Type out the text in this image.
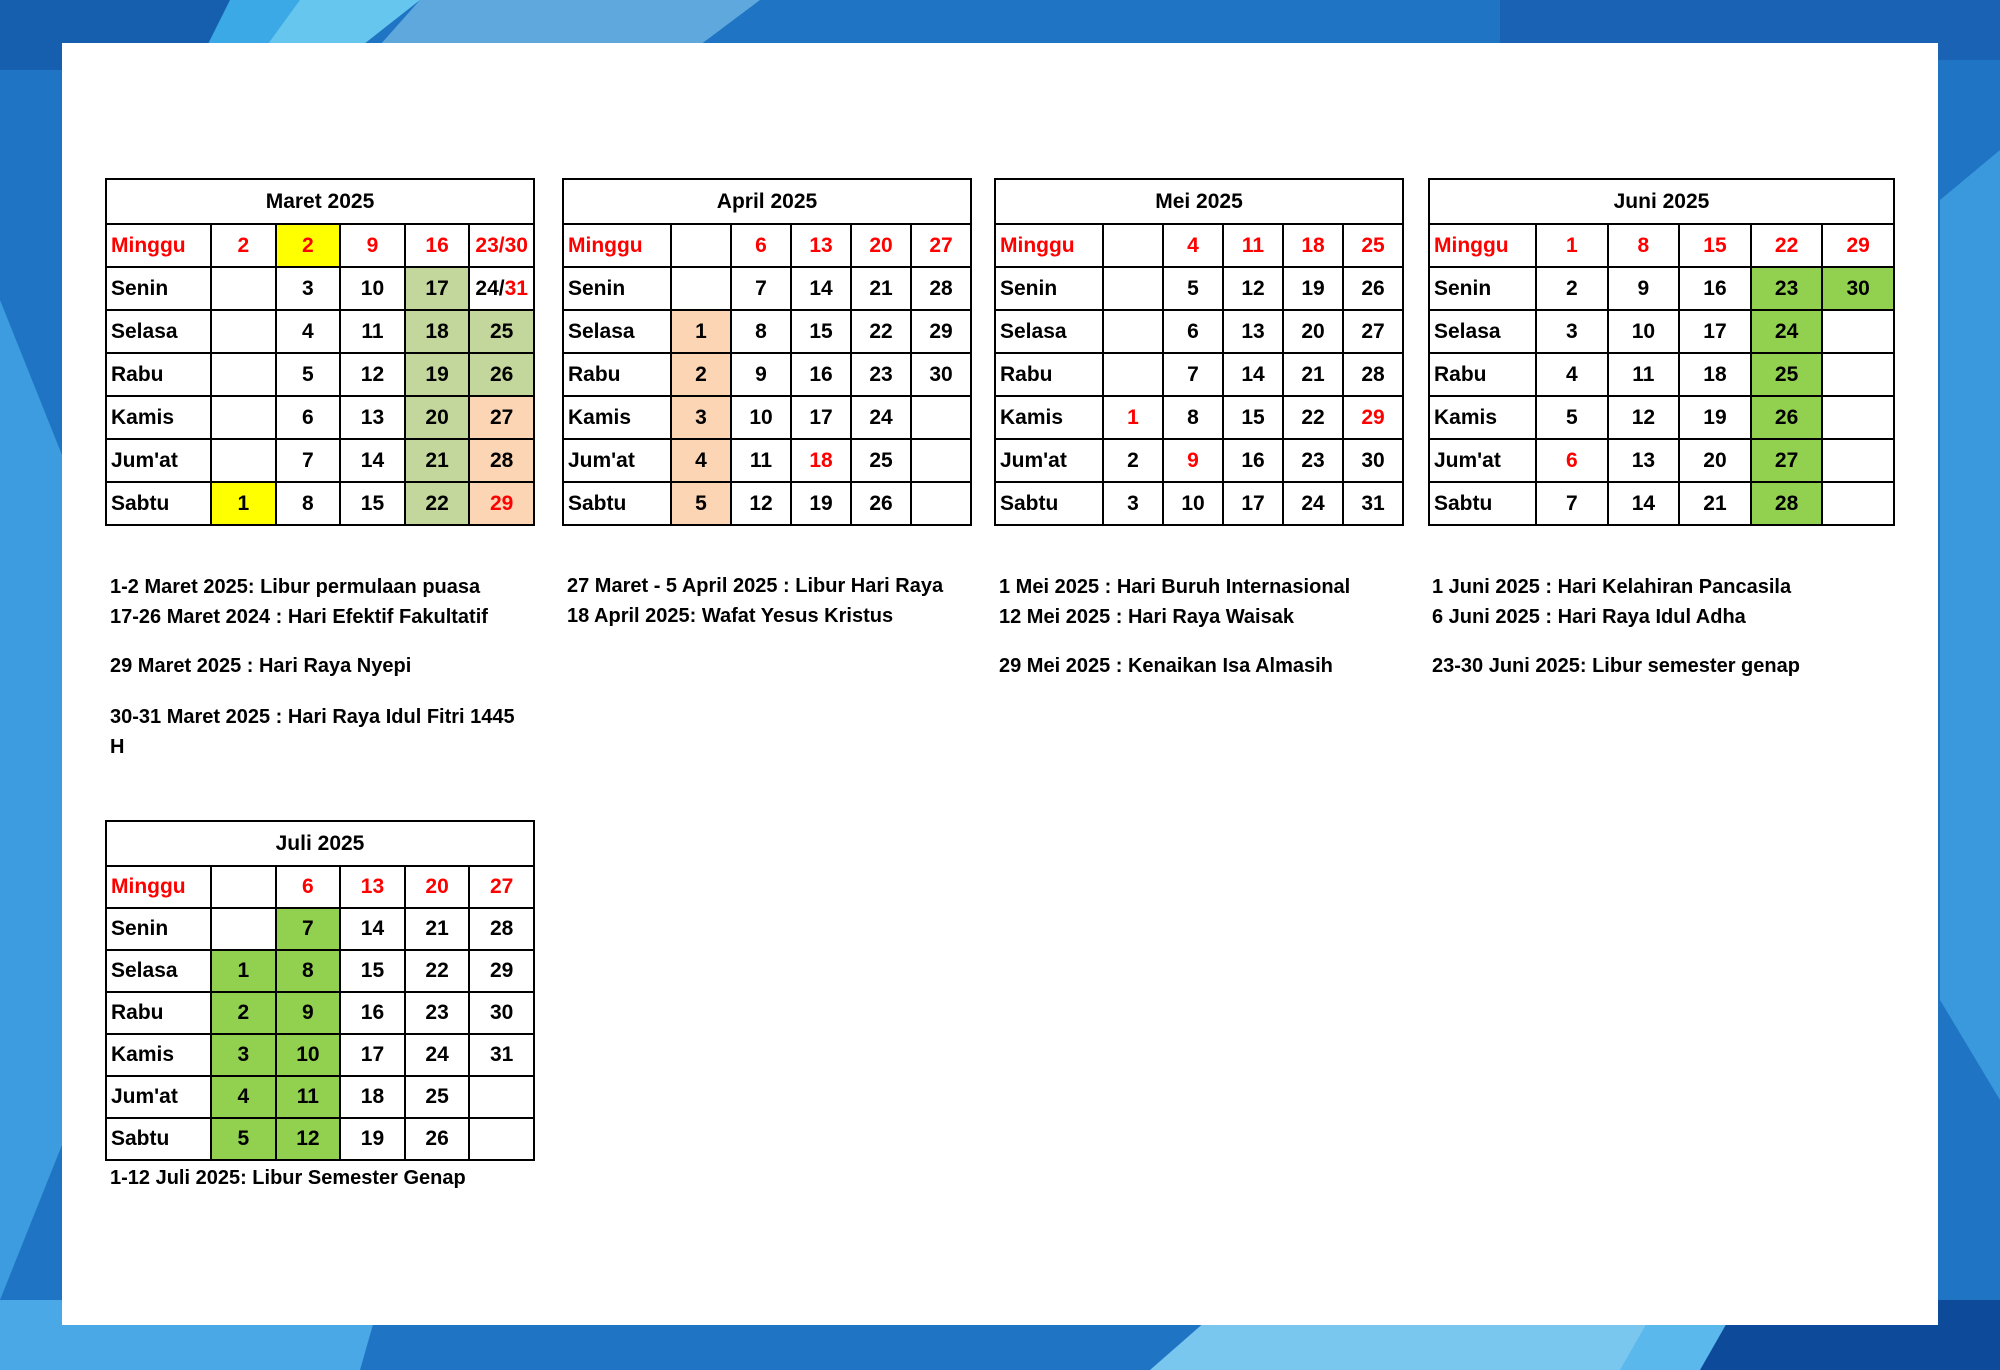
Maret 2025					
Minggu	2	2	9	16	23/30
Senin		3	10	17	24/31
Selasa		4	11	18	25
Rabu		5	12	19	26
Kamis		6	13	20	27
Jum'at		7	14	21	28
Sabtu	1	8	15	22	29
April 2025					
Minggu		6	13	20	27
Senin		7	14	21	28
Selasa	1	8	15	22	29
Rabu	2	9	16	23	30
Kamis	3	10	17	24	
Jum'at	4	11	18	25	
Sabtu	5	12	19	26	
Mei 2025					
Minggu		4	11	18	25
Senin		5	12	19	26
Selasa		6	13	20	27
Rabu		7	14	21	28
Kamis	1	8	15	22	29
Jum'at	2	9	16	23	30
Sabtu	3	10	17	24	31
Juni 2025					
Minggu	1	8	15	22	29
Senin	2	9	16	23	30
Selasa	3	10	17	24	
Rabu	4	11	18	25	
Kamis	5	12	19	26	
Jum'at	6	13	20	27	
Sabtu	7	14	21	28	
Juli 2025					
Minggu		6	13	20	27
Senin		7	14	21	28
Selasa	1	8	15	22	29
Rabu	2	9	16	23	30
Kamis	3	10	17	24	31
Jum'at	4	11	18	25	
Sabtu	5	12	19	26	
1-2 Maret 2025: Libur permulaan puasa
17-26 Maret 2024 : Hari Efektif Fakultatif
29 Maret 2025 : Hari Raya Nyepi
30-31 Maret 2025 : Hari Raya Idul Fitri 1445
H
27 Maret - 5 April 2025 : Libur Hari Raya
18 April 2025: Wafat Yesus Kristus
1 Mei 2025 : Hari Buruh Internasional
12 Mei 2025 : Hari Raya Waisak
29 Mei 2025 : Kenaikan Isa Almasih
1 Juni 2025 : Hari Kelahiran Pancasila
6 Juni 2025 : Hari Raya Idul Adha
23-30 Juni 2025: Libur semester genap
1-12 Juli 2025: Libur Semester Genap
